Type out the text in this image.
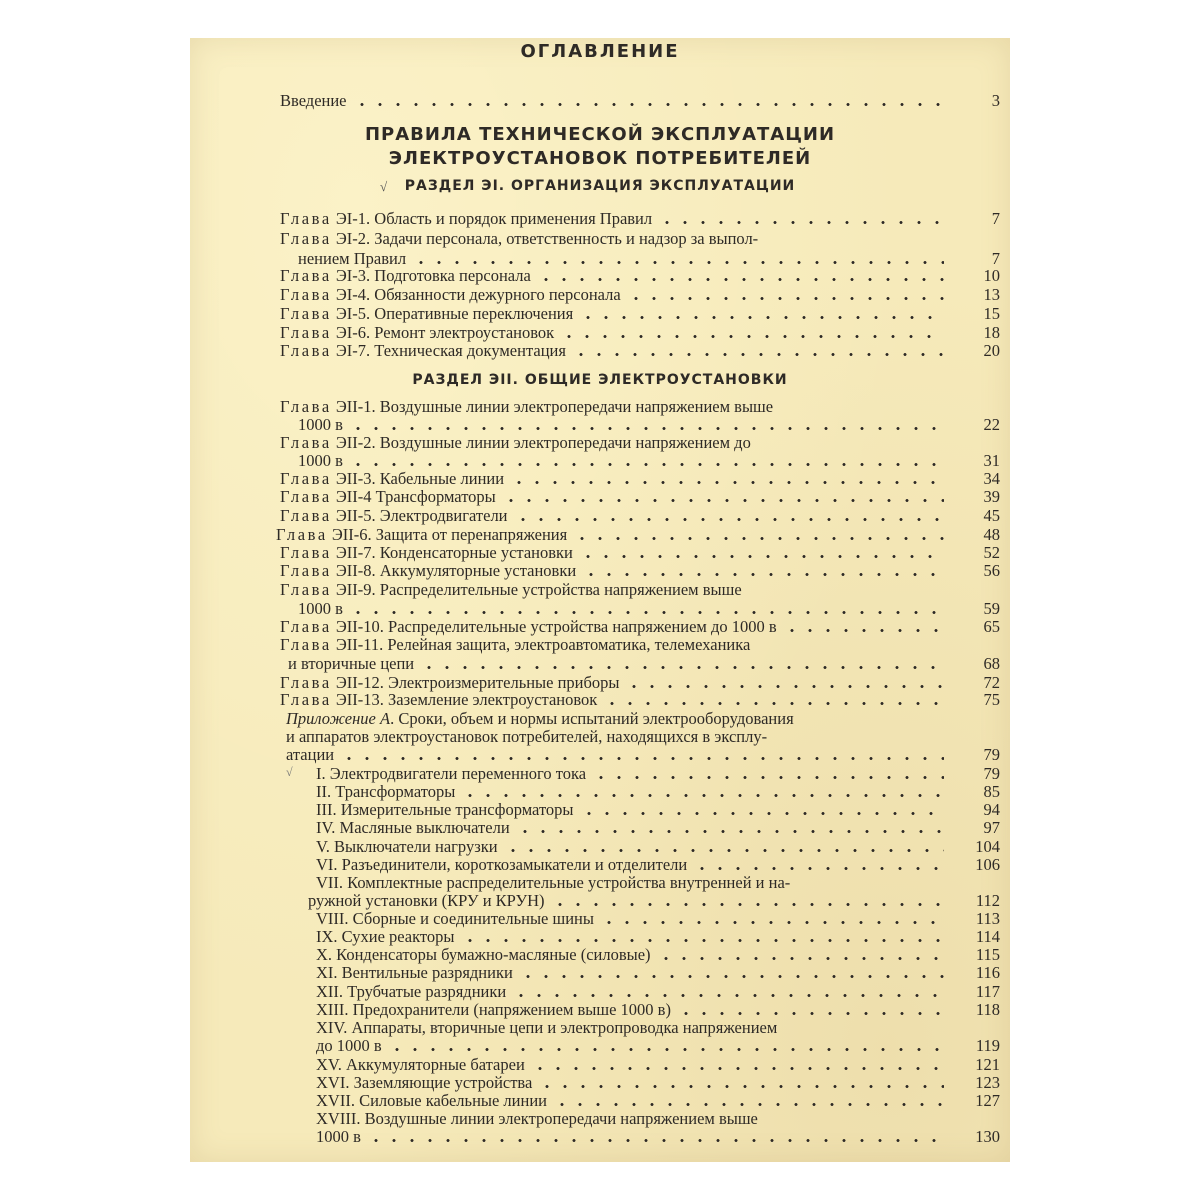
ОГЛАВЛЕНИЕ
ПРАВИЛА ТЕХНИЧЕСКОЙ ЭКСПЛУАТАЦИИ
ЭЛЕКТРОУСТАНОВОК ПОТРЕБИТЕЛЕЙ
√	РАЗДЕЛ ЭI. ОРГАНИЗАЦИЯ ЭКСПЛУАТАЦИИ
РАЗДЕЛ ЭII. ОБЩИЕ ЭЛЕКТРОУСТАНОВКИ
√
Введение	3
Глава ЭI-1. Область и порядок применения Правил	7
Глава ЭI-2. Задачи персонала, ответственность и надзор за выпол-
нением Правил	7
Глава ЭI-3. Подготовка персонала	10
Глава ЭI-4. Обязанности дежурного персонала	13
Глава ЭI-5. Оперативные переключения	15
Глава ЭI-6. Ремонт электроустановок	18
Глава ЭI-7. Техническая документация	20
Глава ЭII-1. Воздушные линии электропередачи напряжением выше
1000 в	22
Глава ЭII-2. Воздушные линии электропередачи напряжением до
1000 в	31
Глава ЭII-3. Кабельные линии	34
Глава ЭII-4 Трансформаторы	39
Глава ЭII-5. Электродвигатели	45
Глава ЭII-6. Защита от перенапряжения	48
Глава ЭII-7. Конденсаторные установки	52
Глава ЭII-8. Аккумуляторные установки	56
Глава ЭII-9. Распределительные устройства напряжением выше
1000 в	59
Глава ЭII-10. Распределительные устройства напряжением до 1000 в	65
Глава ЭII-11. Релейная защита, электроавтоматика, телемеханика
и вторичные цепи	68
Глава ЭII-12. Электроизмерительные приборы	72
Глава ЭII-13. Заземление электроустановок	75
Приложение А. Сроки, объем и нормы испытаний электрооборудования
и аппаратов электроустановок потребителей, находящихся в эксплу-
атации	79
I. Электродвигатели переменного тока	79
II. Трансформаторы	85
III. Измерительные трансформаторы	94
IV. Масляные выключатели	97
V. Выключатели нагрузки	104
VI. Разъединители, короткозамыкатели и отделители	106
VII. Комплектные распределительные устройства внутренней и на-
ружной установки (КРУ и КРУН)	112
VIII. Сборные и соединительные шины	113
IX. Сухие реакторы	114
X. Конденсаторы бумажно-масляные (силовые)	115
XI. Вентильные разрядники	116
XII. Трубчатые разрядники	117
XIII. Предохранители (напряжением выше 1000 в)	118
XIV. Аппараты, вторичные цепи и электропроводка напряжением
до 1000 в	119
XV. Аккумуляторные батареи	121
XVI. Заземляющие устройства	123
XVII. Силовые кабельные линии	127
XVIII. Воздушные линии электропередачи напряжением выше
1000 в	130
